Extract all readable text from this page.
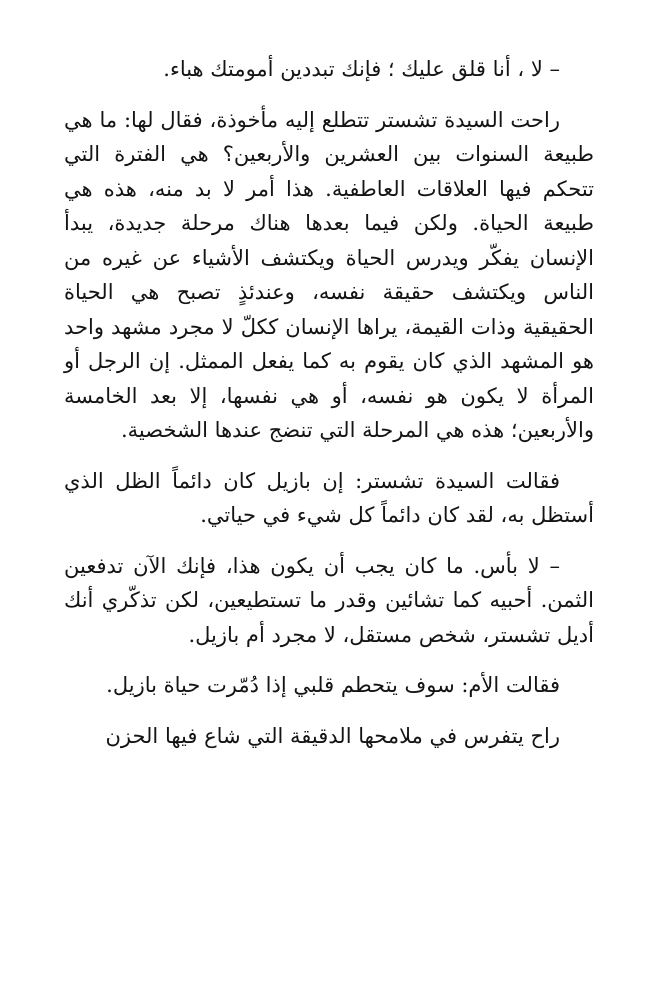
– لا ، أنا قلق عليك ؛ فإنك تبددين أمومتك هباء.

راحت السيدة تشستر تتطلع إليه مأخوذة، فقال لها: ما هي طبيعة السنوات بين العشرين والأربعين؟ هي الفترة التي تتحكم فيها العلاقات العاطفية. هذا أمر لا بد منه، هذه هي طبيعة الحياة. ولكن فيما بعدها هناك مرحلة جديدة، يبدأ الإنسان يفكّر ويدرس الحياة ويكتشف الأشياء عن غيره من الناس ويكتشف حقيقة نفسه، وعندئذٍ تصبح هي الحياة الحقيقية وذات القيمة، يراها الإنسان ككلّ لا مجرد مشهد واحد هو المشهد الذي كان يقوم به كما يفعل الممثل. إن الرجل أو المرأة لا يكون هو نفسه، أو هي نفسها، إلا بعد الخامسة والأربعين؛ هذه هي المرحلة التي تنضج عندها الشخصية.

فقالت السيدة تشستر: إن بازيل كان دائماً الظل الذي أستظل به، لقد كان دائماً كل شيء في حياتي.

– لا بأس. ما كان يجب أن يكون هذا، فإنك الآن تدفعين الثمن. أحبيه كما تشائين وقدر ما تستطيعين، لكن تذكّري أنك أديل تشستر، شخص مستقل، لا مجرد أم بازيل.

فقالت الأم: سوف يتحطم قلبي إذا دُمّرت حياة بازيل.

راح يتفرس في ملامحها الدقيقة التي شاع فيها الحزن
